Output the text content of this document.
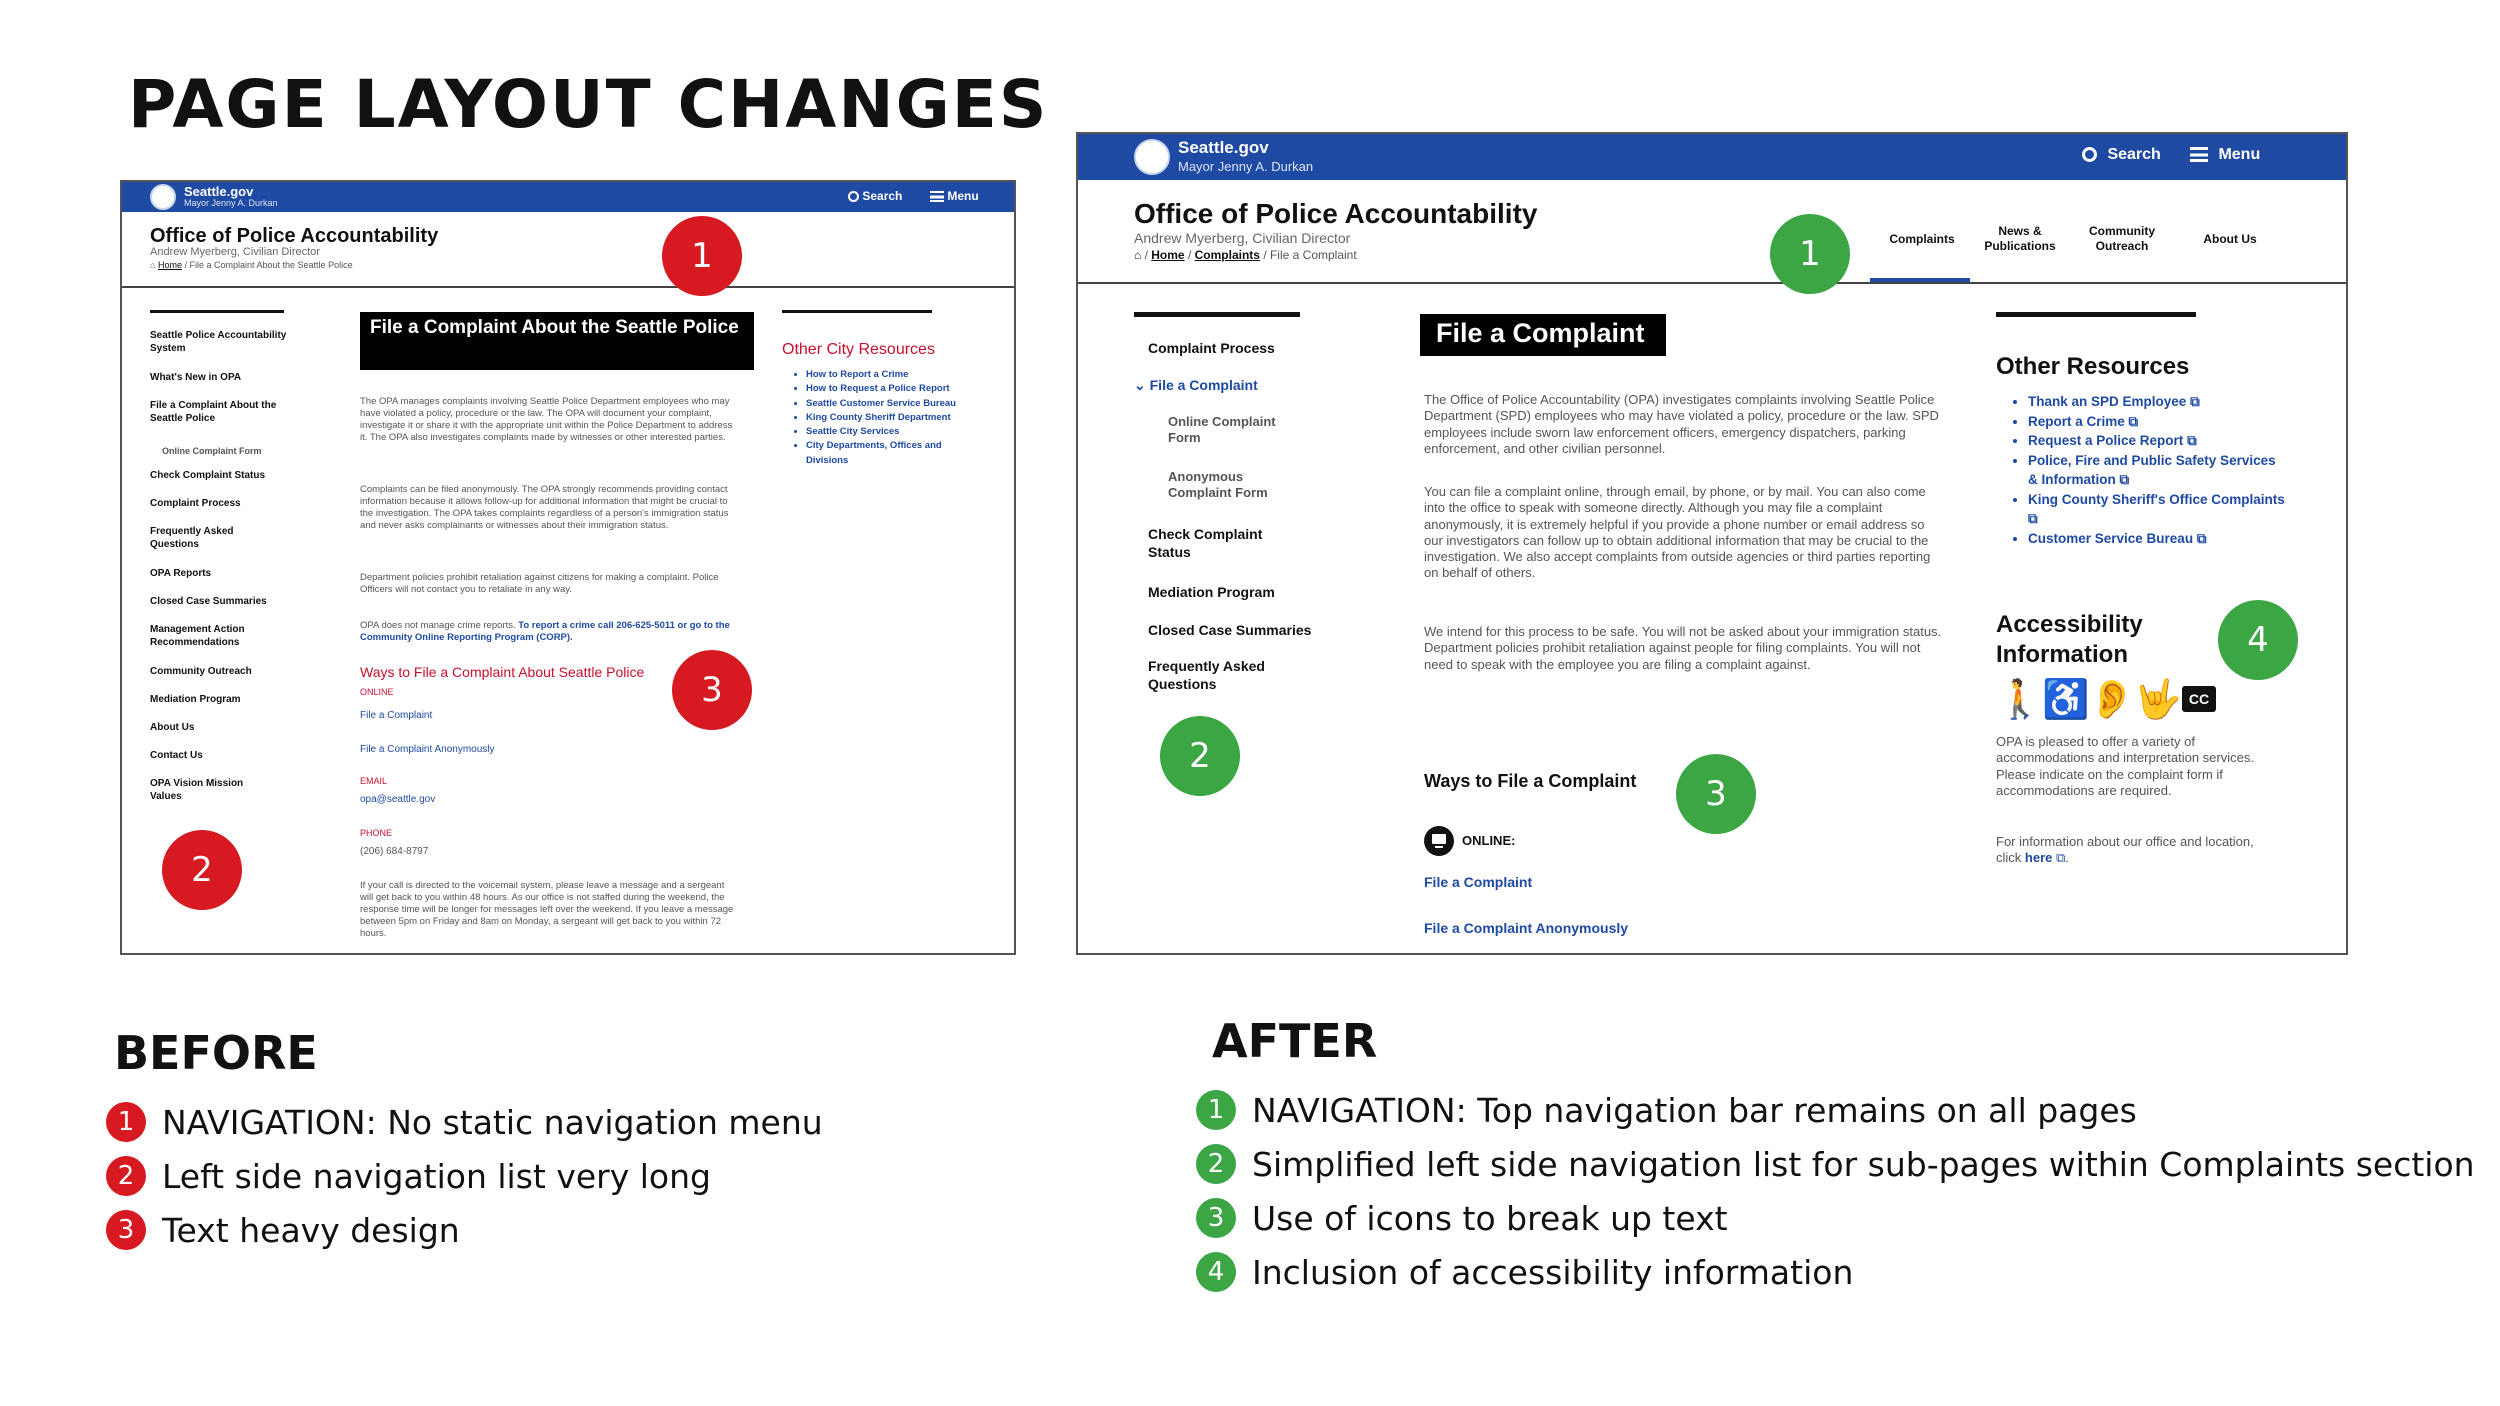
PAGE LAYOUT CHANGES
Seattle.gov
Mayor Jenny A. Durkan	Search	Menu
Office of Police Accountability
Andrew Myerberg, Civilian Director
⌂ Home / File a Complaint About the Seattle Police
Seattle Police Accountability System
What's New in OPA
File a Complaint About the Seattle Police
Online Complaint Form
Check Complaint Status
Complaint Process
Frequently Asked Questions
OPA Reports
Closed Case Summaries
Management Action Recommendations
Community Outreach
Mediation Program
About Us
Contact Us
OPA Vision Mission Values
File a Complaint About the Seattle Police
The OPA manages complaints involving Seattle Police Department employees who may have violated a policy, procedure or the law. The OPA will document your complaint, investigate it or share it with the appropriate unit within the Police Department to address it. The OPA also investigates complaints made by witnesses or other interested parties.
Complaints can be filed anonymously. The OPA strongly recommends providing contact information because it allows follow-up for additional information that might be crucial to the investigation. The OPA takes complaints regardless of a person's immigration status and never asks complainants or witnesses about their immigration status.
Department policies prohibit retaliation against citizens for making a complaint. Police Officers will not contact you to retaliate in any way.
OPA does not manage crime reports. To report a crime call 206-625-5011 or go to the Community Online Reporting Program (CORP).
Ways to File a Complaint About Seattle Police
ONLINE
File a Complaint
File a Complaint Anonymously
EMAIL
opa@seattle.gov
PHONE
(206) 684-8797
If your call is directed to the voicemail system, please leave a message and a sergeant will get back to you within 48 hours. As our office is not staffed during the weekend, the response time will be longer for messages left over the weekend. If you leave a message between 5pm on Friday and 8am on Monday, a sergeant will get back to you within 72 hours.
Other City Resources
• How to Report a Crime
• How to Request a Police Report
• Seattle Customer Service Bureau
• King County Sheriff Department
• Seattle City Services
• City Departments, Offices and Divisions
1
2
3
Seattle.gov
Mayor Jenny A. Durkan
Search	Menu
Office of Police Accountability
Andrew Myerberg, Civilian Director
⌂ / Home / Complaints / File a Complaint
Complaints
News & Publications
Community Outreach	About Us
Complaint Process
⌄ File a Complaint
Online Complaint Form
Anonymous Complaint Form
Check Complaint Status
Mediation Program
Closed Case Summaries
Frequently Asked Questions
File a Complaint
The Office of Police Accountability (OPA) investigates complaints involving Seattle Police Department (SPD) employees who may have violated a policy, procedure or the law. SPD employees include sworn law enforcement officers, emergency dispatchers, parking enforcement, and other civilian personnel.
You can file a complaint online, through email, by phone, or by mail. You can also come into the office to speak with someone directly. Although you may file a complaint anonymously, it is extremely helpful if you provide a phone number or email address so our investigators can follow up to obtain additional information that may be crucial to the investigation. We also accept complaints from outside agencies or third parties reporting on behalf of others.
We intend for this process to be safe. You will not be asked about your immigration status. Department policies prohibit retaliation against people for filing complaints. You will not need to speak with the employee you are filing a complaint against.
Ways to File a Complaint
ONLINE:
File a Complaint
File a Complaint Anonymously
Other Resources
• Thank an SPD Employee ⧉
• Report a Crime ⧉
• Request a Police Report ⧉
• Police, Fire and Public Safety Services & Information ⧉
• King County Sheriff's Office Complaints ⧉
• Customer Service Bureau ⧉
Accessibility Information
🚶
♿
👂
🤟 CC
OPA is pleased to offer a variety of accommodations and interpretation services. Please indicate on the complaint form if accommodations are required.
For information about our office and location, click here ⧉.
1
2
3
4
BEFORE
1 NAVIGATION: No static navigation menu
2 Left side navigation list very long
3 Text heavy design
AFTER
1 NAVIGATION: Top navigation bar remains on all pages
2 Simplified left side navigation list for sub-pages within Complaints section
3 Use of icons to break up text
4 Inclusion of accessibility information
